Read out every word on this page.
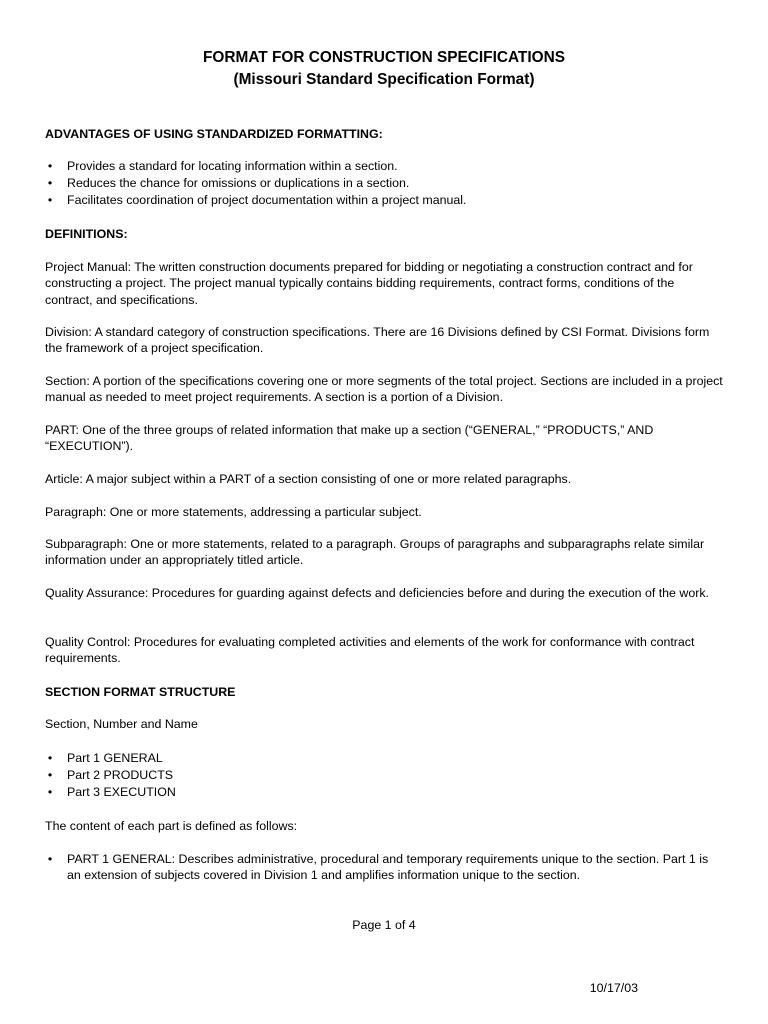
FORMAT FOR CONSTRUCTION SPECIFICATIONS
(Missouri Standard Specification Format)
ADVANTAGES OF USING STANDARDIZED FORMATTING:
• Provides a standard for locating information within a section.
• Reduces the chance for omissions or duplications in a section.
• Facilitates coordination of project documentation within a project manual.
DEFINITIONS:

Project Manual: The written construction documents prepared for bidding or negotiating a construction contract and for constructing a project. The project manual typically contains bidding requirements, contract forms, conditions of the contract, and specifications.

Division: A standard category of construction specifications. There are 16 Divisions defined by CSI Format. Divisions form the framework of a project specification.

Section: A portion of the specifications covering one or more segments of the total project. Sections are included in a project manual as needed to meet project requirements. A section is a portion of a Division.

PART: One of the three groups of related information that make up a section (“GENERAL,” “PRODUCTS,” AND “EXECUTION”).

Article: A major subject within a PART of a section consisting of one or more related paragraphs.

Paragraph: One or more statements, addressing a particular subject.

Subparagraph: One or more statements, related to a paragraph. Groups of paragraphs and subparagraphs relate similar information under an appropriately titled article.

Quality Assurance: Procedures for guarding against defects and deficiencies before and during the execution of the work.

Quality Control: Procedures for evaluating completed activities and elements of the work for conformance with contract requirements.

SECTION FORMAT STRUCTURE

Section, Number and Name

• Part 1 GENERAL
• Part 2 PRODUCTS
• Part 3 EXECUTION

The content of each part is defined as follows:

• PART 1 GENERAL: Describes administrative, procedural and temporary requirements unique to the section. Part 1 is an extension of subjects covered in Division 1 and amplifies information unique to the section.
Page 1 of 4
10/17/03
